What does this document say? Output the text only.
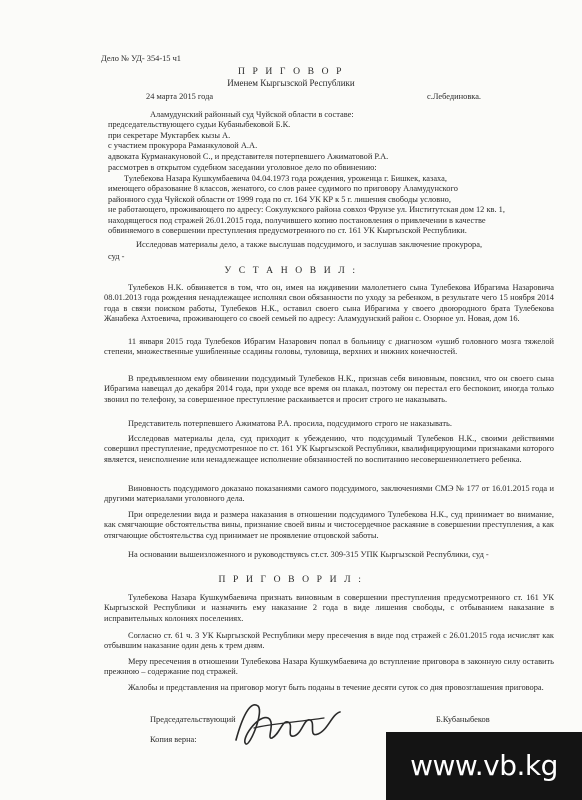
Дело № УД- 354-15 ч1
П Р И Г О В О Р
Именем Кыргызской Республики
24 марта 2015 года	с.Лебединовка.
Аламудунский районный суд Чуйской области в составе:
председательствующего судьи Кубаныбековой Б.К.
при секретаре Муктарбек кызы А.
с участием прокурора Раманкуловой А.А.
адвоката Курманакуновой С., и представителя потерпевшего Ажиматовой Р.А.
рассмотрев в открытом судебном заседании уголовное дело по обвинению:
Тулебекова Назара Кушкумбаевича 04.04.1973 года рождения, уроженца г. Бишкек, казаха,
имеющего образование 8 классов, женатого, со слов ранее судимого по приговору Аламудунского
районного суда Чуйской области от 1999 года по ст. 164 УК КР к 5 г. лишения свободы условно,
не работающего, проживающего по адресу: Сокулукского района совхоз Фрунзе ул. Институтская дом 12 кв. 1,
находящегося под стражей 26.01.2015 года, получившего копию постановления о привлечении в качестве
обвиняемого в совершении преступления предусмотренного по ст. 161 УК Кыргызской Республики.
Исследовав материалы дело, а также выслушав подсудимого, и заслушав заключение прокурора,
суд -
У С Т А Н О В И Л :
Тулебеков Н.К. обвиняется в том, что он, имея на иждивении малолетнего сына Тулебекова Ибрагима Назаровича 08.01.2013 года рождения ненадлежащее исполнял свои обязанности по уходу за ребенком, в результате чего 15 ноября 2014 года в связи поиском работы, Тулебеков Н.К., оставил своего сына Ибрагима у своего двоюродного брата Тулебекова Жанабека Ахтоевича, проживающего со своей семьей по адресу: Аламудунский район с. Озорное ул. Новая, дом 16.
11 января 2015 года Тулебеков Ибрагим Назарович попал в больницу с диагнозом «ушиб головного мозга тяжелой степени, множественные ушибленные ссадины головы, туловища, верхних и нижних конечностей.
В предъявленном ему обвинении подсудимый Тулебеков Н.К., признав себя виновным, пояснил, что он своего сына Ибрагима навещал до декабря 2014 года, при уходе все время он плакал, поэтому он перестал его беспокоит, иногда только звонил по телефону, за совершенное преступление раскаивается и просит строго не наказывать.
Представитель потерпевшего Ажиматова Р.А. просила, подсудимого строго не наказывать.
Исследовав материалы дела, суд приходит к убеждению, что подсудимый Тулебеков Н.К., своими действиями совершил преступление, предусмотренное по ст. 161 УК Кыргызской Республики, квалифицирующими признаками которого является, неисполнение или ненадлежащее исполнение обязанностей по воспитанию несовершеннолетнего ребенка.
Виновность подсудимого доказано показаниями самого подсудимого, заключениями СМЭ № 177 от 16.01.2015 года и другими материалами уголовного дела.
При определении вида и размера наказания в отношении подсудимого Тулебекова Н.К., суд принимает во внимание, как смягчающие обстоятельства вины, признание своей вины и чистосердечное раскаяние в совершении преступления, а как отягчающие обстоятельства суд принимает не проявление отцовской заботы.
На основании вышеизложенного и руководствуясь ст.ст. 309-315 УПК Кыргызской Республики, суд -
П Р И Г О В О Р И Л :
Тулебекова Назара Кушкумбаевича признать виновным в совершении преступления предусмотренного ст. 161 УК Кыргызской Республики и назначить ему наказание 2 года в виде лишения свободы, с отбыванием наказание в исправительных колониях поселениях.
Согласно ст. 61 ч. 3 УК Кыргызской Республики меру пресечения в виде под стражей с 26.01.2015 года исчислят как отбывшим наказание один день к трем дням.
Меру пресечения в отношении Тулебекова Назара Кушкумбаевича до вступление приговора в законную силу оставить прежнюю – содержание под стражей.
Жалобы и представления на приговор могут быть поданы в течение десяти суток со дня провозглашения приговора.
Председательствующий	Б.Кубаныбеков
Копия верна:
www.vb.kg
